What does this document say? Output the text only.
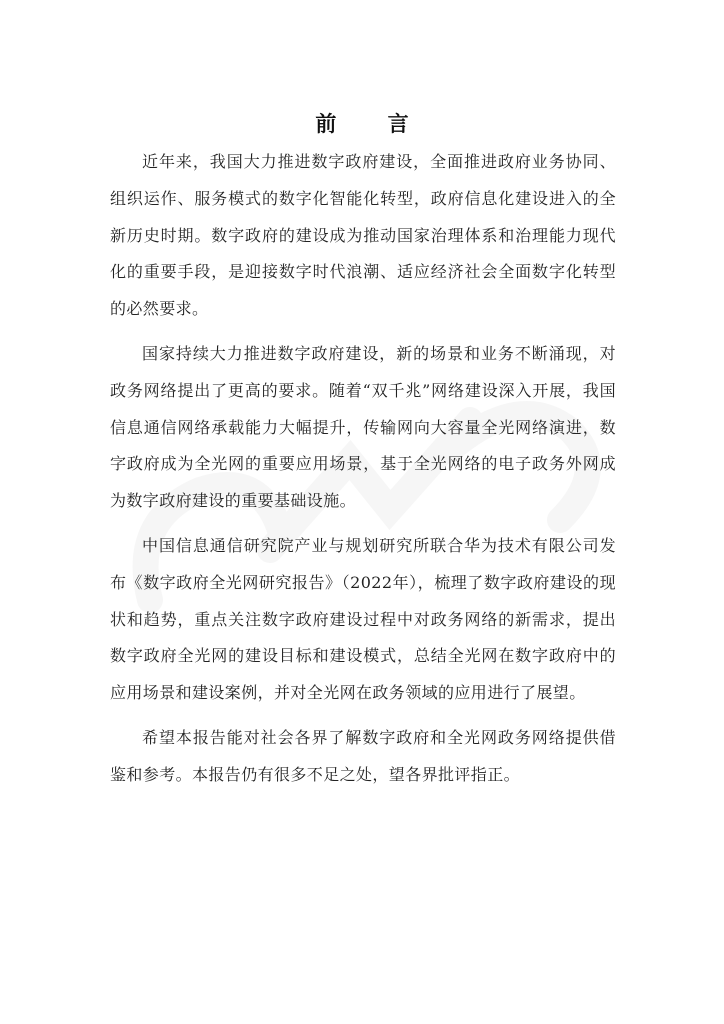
前 言

近年来，我国大力推进数字政府建设，全面推进政府业务协同、组织运作、服务模式的数字化智能化转型，政府信息化建设进入的全新历史时期。数字政府的建设成为推动国家治理体系和治理能力现代化的重要手段，是迎接数字时代浪潮、适应经济社会全面数字化转型的必然要求。

国家持续大力推进数字政府建设，新的场景和业务不断涌现，对政务网络提出了更高的要求。随着“双千兆”网络建设深入开展，我国信息通信网络承载能力大幅提升，传输网向大容量全光网络演进，数字政府成为全光网的重要应用场景，基于全光网络的电子政务外网成为数字政府建设的重要基础设施。

中国信息通信研究院产业与规划研究所联合华为技术有限公司发布《数字政府全光网研究报告》（2022年），梳理了数字政府建设的现状和趋势，重点关注数字政府建设过程中对政务网络的新需求，提出数字政府全光网的建设目标和建设模式，总结全光网在数字政府中的应用场景和建设案例，并对全光网在政务领域的应用进行了展望。

希望本报告能对社会各界了解数字政府和全光网政务网络提供借鉴和参考。本报告仍有很多不足之处，望各界批评指正。
